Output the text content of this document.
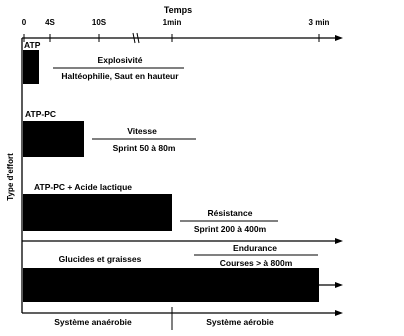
Temps
0 4S	10S	1min	3 min
Type d'effort
ATP
Explosivité
Haltéophilie, Saut en hauteur
ATP-PC
Vitesse
Sprint 50 à 80m
ATP-PC + Acide lactique
Résistance
Sprint 200 à 400m
Glucides et graisses
Endurance
Courses > à 800m
Système anaérobie	Système aérobie
